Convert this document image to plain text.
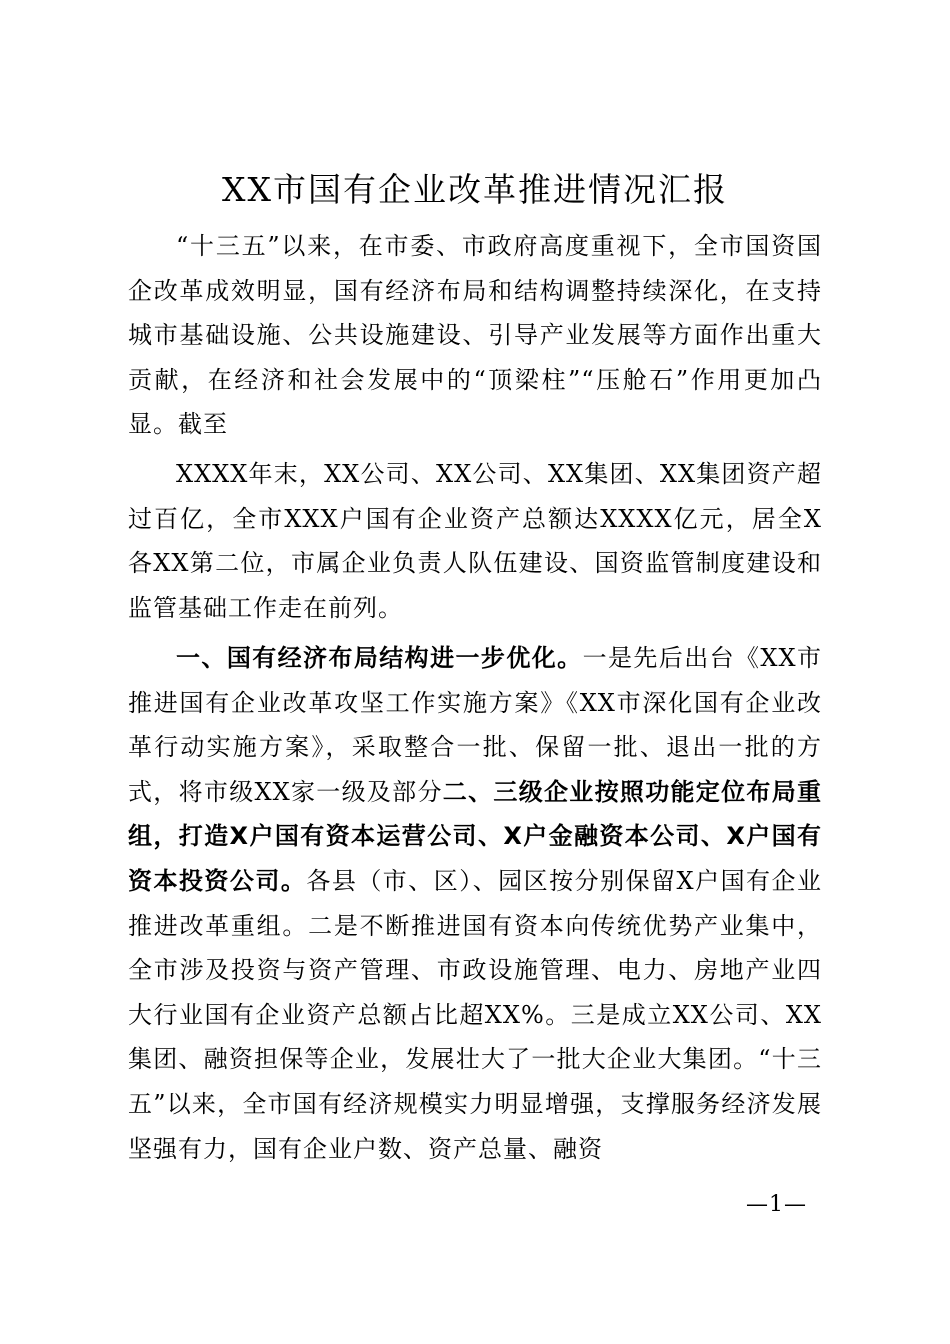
XX市国有企业改革推进情况汇报

“十三五”以来，在市委、市政府高度重视下，全市国资国企改革成效明显，国有经济布局和结构调整持续深化，在支持城市基础设施、公共设施建设、引导产业发展等方面作出重大贡献，在经济和社会发展中的“顶梁柱”“压舱石”作用更加凸显。截至

XXXX年末，XX公司、XX公司、XX集团、XX集团资产超过百亿，全市XXX户国有企业资产总额达XXXX亿元，居全X各XX第二位，市属企业负责人队伍建设、国资监管制度建设和监管基础工作走在前列。

一、国有经济布局结构进一步优化。一是先后出台《XX市推进国有企业改革攻坚工作实施方案》《XX市深化国有企业改革行动实施方案》，采取整合一批、保留一批、退出一批的方式，将市级XX家一级及部分二、三级企业按照功能定位布局重组，打造X户国有资本运营公司、X户金融资本公司、X户国有资本投资公司。各县（市、区）、园区按分别保留X户国有企业推进改革重组。二是不断推进国有资本向传统优势产业集中，全市涉及投资与资产管理、市政设施管理、电力、房地产业四大行业国有企业资产总额占比超XX%。三是成立XX公司、XX集团、融资担保等企业，发展壮大了一批大企业大集团。“十三五”以来，全市国有经济规模实力明显增强，支撑服务经济发展坚强有力，国有企业户数、资产总量、融资

—1—
